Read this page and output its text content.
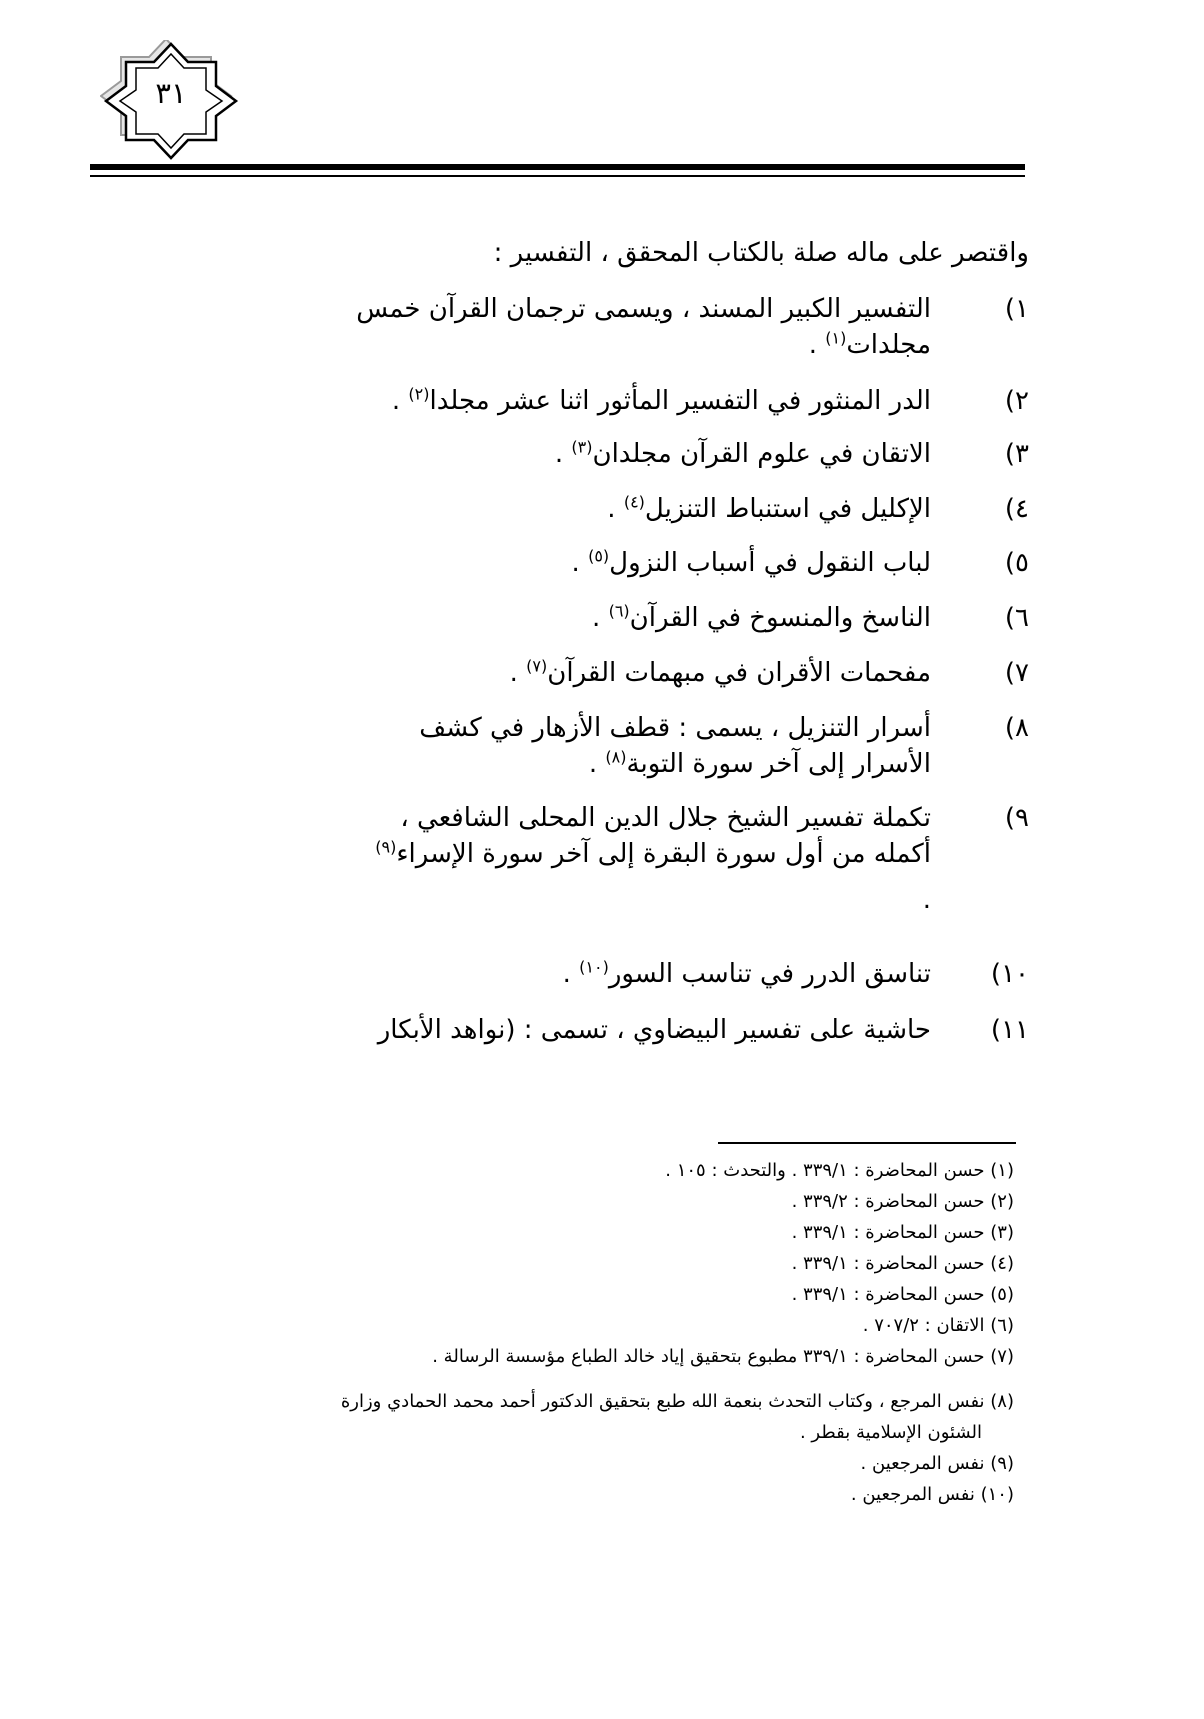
٣١
واقتصر على ماله صلة بالكتاب المحقق ، التفسير :
١)
التفسير الكبير المسند ، ويسمى ترجمان القرآن خمس
مجلدات$^{(١)}$ .
٢)
الدر المنثور في التفسير المأثور اثنا عشر مجلدا$^{(٢)}$ .
٣)
الاتقان في علوم القرآن مجلدان$^{(٣)}$ .
٤)
الإكليل في استنباط التنزيل$^{(٤)}$ .
٥)
لباب النقول في أسباب النزول$^{(٥)}$ .
٦)
الناسخ والمنسوخ في القرآن$^{(٦)}$ .
٧)
مفحمات الأقران في مبهمات القرآن$^{(٧)}$ .
٨)
أسرار التنزيل ، يسمى : قطف الأزهار في كشف
الأسرار إلى آخر سورة التوبة$^{(٨)}$ .
٩)
تكملة تفسير الشيخ جلال الدين المحلى الشافعي ،
أكمله من أول سورة البقرة إلى آخر سورة الإسراء$^{(٩)}$
.
١٠)
تناسق الدرر في تناسب السور$^{(١٠)}$ .
١١)
حاشية على تفسير البيضاوي ، تسمى : (نواهد الأبكار
(١) حسن المحاضرة : ٣٣٩/١ . والتحدث : ١٠٥ .
(٢) حسن المحاضرة : ٣٣٩/٢ .
(٣) حسن المحاضرة : ٣٣٩/١ .
(٤) حسن المحاضرة : ٣٣٩/١ .
(٥) حسن المحاضرة : ٣٣٩/١ .
(٦) الاتقان : ٧٠٧/٢ .
(٧) حسن المحاضرة : ٣٣٩/١ مطبوع بتحقيق إياد خالد الطباع مؤسسة الرسالة .
(٨) نفس المرجع ، وكتاب التحدث بنعمة الله طبع بتحقيق الدكتور أحمد محمد الحمادي وزارة
الشئون الإسلامية بقطر .
(٩) نفس المرجعين .
(١٠) نفس المرجعين .
